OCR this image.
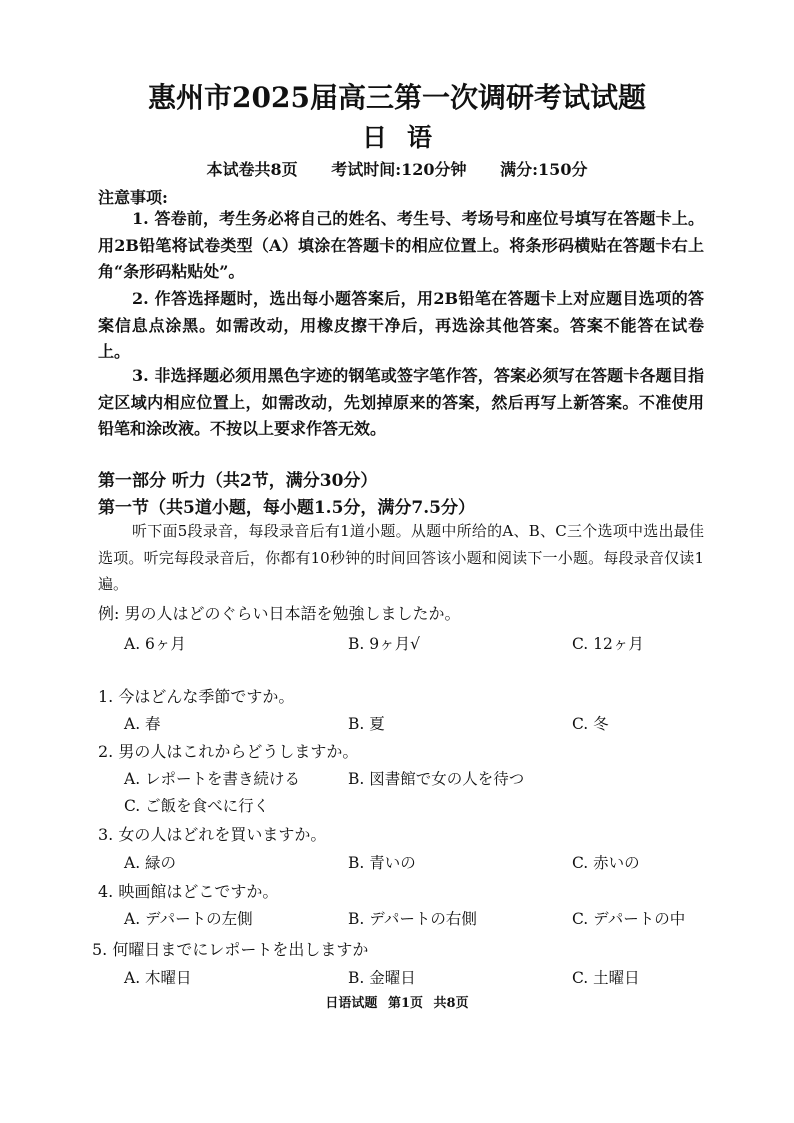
惠州市2025届高三第一次调研考试试题
日语
本试卷共8页 考试时间:120分钟 满分:150分
注意事项:
1. 答卷前，考生务必将自己的姓名、考生号、考场号和座位号填写在答题卡上。用2B铅笔将试卷类型（A）填涂在答题卡的相应位置上。将条形码横贴在答题卡右上角“条形码粘贴处”。
2. 作答选择题时，选出每小题答案后，用2B铅笔在答题卡上对应题目选项的答案信息点涂黑。如需改动，用橡皮擦干净后，再选涂其他答案。答案不能答在试卷上。
3. 非选择题必须用黑色字迹的钢笔或签字笔作答，答案必须写在答题卡各题目指定区域内相应位置上，如需改动，先划掉原来的答案，然后再写上新答案。不准使用铅笔和涂改液。不按以上要求作答无效。
第一部分 听力（共2节，满分30分）
第一节（共5道小题，每小题1.5分，满分7.5分）
听下面5段录音，每段录音后有1道小题。从题中所给的A、B、C三个选项中选出最佳选项。听完每段录音后，你都有10秒钟的时间回答该小题和阅读下一小题。每段录音仅读1遍。
例: 男の人はどのぐらい日本語を勉強しましたか。
A. 6ヶ月	B. 9ヶ月√	C. 12ヶ月
1. 今はどんな季節ですか。
A. 春	B. 夏	C. 冬
2. 男の人はこれからどうしますか。
A. レポートを書き続ける	B. 図書館で女の人を待つ
C. ご飯を食べに行く
3. 女の人はどれを買いますか。
A. 緑の	B. 青いの	C. 赤いの
4. 映画館はどこですか。
A. デパートの左側	B. デパートの右側	C. デパートの中
5. 何曜日までにレポートを出しますか
A. 木曜日	B. 金曜日	C. 土曜日
日语试题 第1页 共8页
